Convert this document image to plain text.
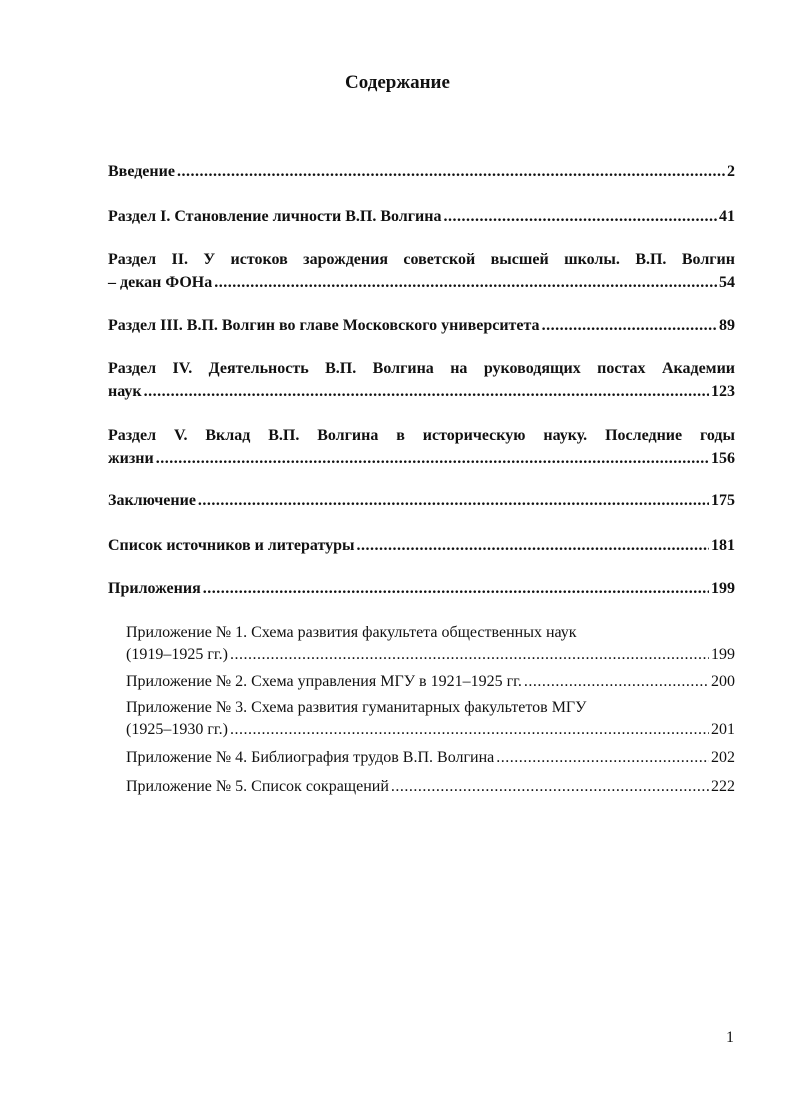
Содержание
Введение .....	2
Раздел I. Становление личности В.П. Волгина .....	41
Раздел II. У истоков зарождения советской высшей школы. В.П. Волгин
– декан ФОНа .....	54
Раздел III. В.П. Волгин во главе Московского университета .....	89
Раздел IV. Деятельность В.П. Волгина на руководящих постах Академии
наук .....	123
Раздел V. Вклад В.П. Волгина в историческую науку. Последние годы
жизни .....	156
Заключение .....	175
Список источников и литературы .....	181
Приложения .....	199
Приложение № 1. Схема развития факультета общественных наук
(1919–1925 гг.) .....	199
Приложение № 2. Схема управления МГУ в 1921–1925 гг. .....	200
Приложение № 3. Схема развития гуманитарных факультетов МГУ
(1925–1930 гг.) .....	201
Приложение № 4. Библиография трудов В.П. Волгина .....	202
Приложение № 5. Список сокращений .....	222
1
